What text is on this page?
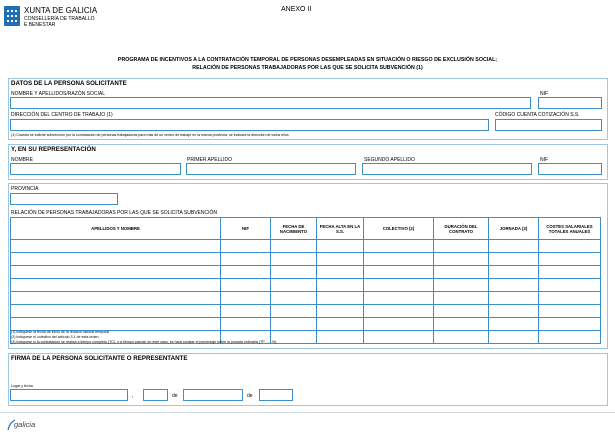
XUNTA DE GALICIA
CONSELLERÍA DE TRABALLO
E BENESTAR
ANEXO II
PROGRAMA DE INCENTIVOS A LA CONTRATACIÓN TEMPORAL DE PERSONAS DESEMPLEADAS EN SITUACIÓN O RIESGO DE EXCLUSIÓN SOCIAL;
RELACIÓN DE PERSONAS TRABAJADORAS POR LAS QUE SE SOLICITA SUBVENCIÓN (1)
DATOS DE LA PERSONA SOLICITANTE
NOMBRE Y APELLIDOS/RAZÓN SOCIAL	NIF
DIRECCIÓN DEL CENTRO DE TRABAJO (1)	CÓDIGO CUENTA COTIZACIÓN S.S.
(1) Cuando se solicite subvención por la contratación de personas trabajadoras para más de un centro de trabajo en la misma provincia, se indicará la dirección de todos ellos
Y, EN SU REPRESENTACIÓN
NOMBRE	PRIMER APELLIDO	SEGUNDO APELLIDO	NIF
PROVINCIA
RELACIÓN DE PERSONAS TRABAJADORAS POR LAS QUE SE SOLICITA SUBVENCIÓN
APELLIDOS Y NOMBRE	NIF	FECHA DE NACIMIENTO	FECHA ALTA EN LA S.S.	COLECTIVO (2)	DURACIÓN DEL CONTRATO	JORNADA (3)	COSTES SALARIALES TOTALES ANUALES

(1) Indíquese la fecha de inicio de la relación laboral temporal
(2) Indíquese el colectivo del artículo 3.1 de esta orden.
(3) Indíquese si la contratación se realiza a tiempo completo (TC), o a tiempo parcial; en este caso, se hará constar el porcentaje sobre la jornada ordinaria (TP……%).
FIRMA DE LA PERSONA SOLICITANTE O REPRESENTANTE
Lugar y fecha
,	de	de
galicia
